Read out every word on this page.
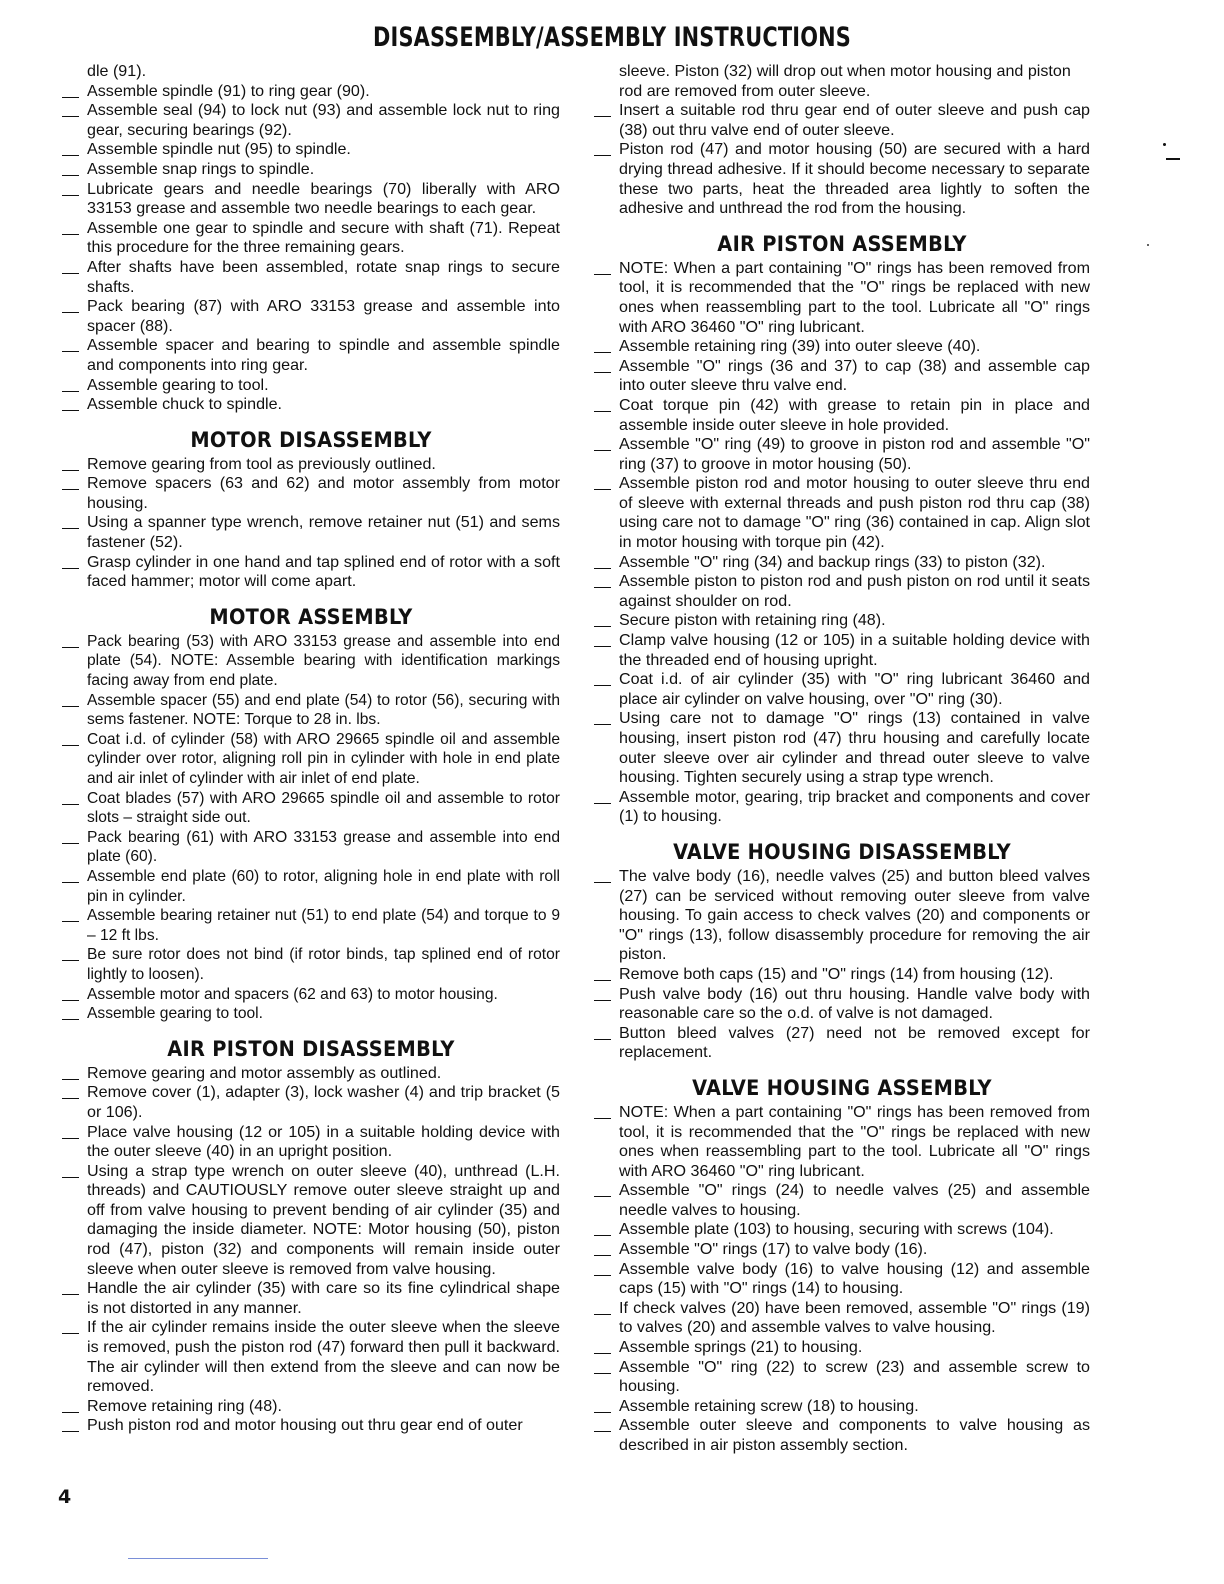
DISASSEMBLY/ASSEMBLY INSTRUCTIONS

dle (91).

Assemble spindle (91) to ring gear (90).
Assemble seal (94) to lock nut (93) and assemble lock nut to ring gear, securing bearings (92).
Assemble spindle nut (95) to spindle.
Assemble snap rings to spindle.
Lubricate gears and needle bearings (70) liberally with ARO 33153 grease and assemble two needle bearings to each gear.
Assemble one gear to spindle and secure with shaft (71). Repeat this procedure for the three remaining gears.
After shafts have been assembled, rotate snap rings to secure shafts.
Pack bearing (87) with ARO 33153 grease and assemble into spacer (88).
Assemble spacer and bearing to spindle and assemble spindle and components into ring gear.
Assemble gearing to tool.
Assemble chuck to spindle.
MOTOR DISASSEMBLY
Remove gearing from tool as previously outlined.
Remove spacers (63 and 62) and motor assembly from motor housing.
Using a spanner type wrench, remove retainer nut (51) and sems fastener (52).
Grasp cylinder in one hand and tap splined end of rotor with a soft faced hammer; motor will come apart.
MOTOR ASSEMBLY
Pack bearing (53) with ARO 33153 grease and assemble into end plate (54). NOTE: Assemble bearing with identification markings facing away from end plate.
Assemble spacer (55) and end plate (54) to rotor (56), securing with sems fastener. NOTE: Torque to 28 in. lbs.
Coat i.d. of cylinder (58) with ARO 29665 spindle oil and assemble cylinder over rotor, aligning roll pin in cylinder with hole in end plate and air inlet of cylinder with air inlet of end plate.
Coat blades (57) with ARO 29665 spindle oil and assemble to rotor slots – straight side out.
Pack bearing (61) with ARO 33153 grease and assemble into end plate (60).
Assemble end plate (60) to rotor, aligning hole in end plate with roll pin in cylinder.
Assemble bearing retainer nut (51) to end plate (54) and torque to 9 – 12 ft lbs.
Be sure rotor does not bind (if rotor binds, tap splined end of rotor lightly to loosen).
Assemble motor and spacers (62 and 63) to motor housing.
Assemble gearing to tool.
AIR PISTON DISASSEMBLY
Remove gearing and motor assembly as outlined.
Remove cover (1), adapter (3), lock washer (4) and trip bracket (5 or 106).
Place valve housing (12 or 105) in a suitable holding device with the outer sleeve (40) in an upright position.
Using a strap type wrench on outer sleeve (40), unthread (L.H. threads) and CAUTIOUSLY remove outer sleeve straight up and off from valve housing to prevent bending of air cylinder (35) and damaging the inside diameter. NOTE: Motor housing (50), piston rod (47), piston (32) and components will remain inside outer sleeve when outer sleeve is removed from valve housing.
Handle the air cylinder (35) with care so its fine cylindrical shape is not distorted in any manner.
If the air cylinder remains inside the outer sleeve when the sleeve is removed, push the piston rod (47) forward then pull it backward. The air cylinder will then extend from the sleeve and can now be removed.
Remove retaining ring (48).
Push piston rod and motor housing out thru gear end of outer

sleeve. Piston (32) will drop out when motor housing and piston rod are removed from outer sleeve.

Insert a suitable rod thru gear end of outer sleeve and push cap (38) out thru valve end of outer sleeve.
Piston rod (47) and motor housing (50) are secured with a hard drying thread adhesive. If it should become necessary to separate these two parts, heat the threaded area lightly to soften the adhesive and unthread the rod from the housing.
AIR PISTON ASSEMBLY
NOTE: When a part containing "O" rings has been removed from tool, it is recommended that the "O" rings be replaced with new ones when reassembling part to the tool. Lubricate all "O" rings with ARO 36460 "O" ring lubricant.
Assemble retaining ring (39) into outer sleeve (40).
Assemble "O" rings (36 and 37) to cap (38) and assemble cap into outer sleeve thru valve end.
Coat torque pin (42) with grease to retain pin in place and assemble inside outer sleeve in hole provided.
Assemble "O" ring (49) to groove in piston rod and assemble "O" ring (37) to groove in motor housing (50).
Assemble piston rod and motor housing to outer sleeve thru end of sleeve with external threads and push piston rod thru cap (38) using care not to damage "O" ring (36) contained in cap. Align slot in motor housing with torque pin (42).
Assemble "O" ring (34) and backup rings (33) to piston (32).
Assemble piston to piston rod and push piston on rod until it seats against shoulder on rod.
Secure piston with retaining ring (48).
Clamp valve housing (12 or 105) in a suitable holding device with the threaded end of housing upright.
Coat i.d. of air cylinder (35) with "O" ring lubricant 36460 and place air cylinder on valve housing, over "O" ring (30).
Using care not to damage "O" rings (13) contained in valve housing, insert piston rod (47) thru housing and carefully locate outer sleeve over air cylinder and thread outer sleeve to valve housing. Tighten securely using a strap type wrench.
Assemble motor, gearing, trip bracket and components and cover (1) to housing.
VALVE HOUSING DISASSEMBLY
The valve body (16), needle valves (25) and button bleed valves (27) can be serviced without removing outer sleeve from valve housing. To gain access to check valves (20) and components or "O" rings (13), follow disassembly procedure for removing the air piston.
Remove both caps (15) and "O" rings (14) from housing (12).
Push valve body (16) out thru housing. Handle valve body with reasonable care so the o.d. of valve is not damaged.
Button bleed valves (27) need not be removed except for replacement.
VALVE HOUSING ASSEMBLY
NOTE: When a part containing "O" rings has been removed from tool, it is recommended that the "O" rings be replaced with new ones when reassembling part to the tool. Lubricate all "O" rings with ARO 36460 "O" ring lubricant.
Assemble "O" rings (24) to needle valves (25) and assemble needle valves to housing.
Assemble plate (103) to housing, securing with screws (104).
Assemble "O" rings (17) to valve body (16).
Assemble valve body (16) to valve housing (12) and assemble caps (15) with "O" rings (14) to housing.
If check valves (20) have been removed, assemble "O" rings (19) to valves (20) and assemble valves to valve housing.
Assemble springs (21) to housing.
Assemble "O" ring (22) to screw (23) and assemble screw to housing.
Assemble retaining screw (18) to housing.
Assemble outer sleeve and components to valve housing as described in air piston assembly section.

4
